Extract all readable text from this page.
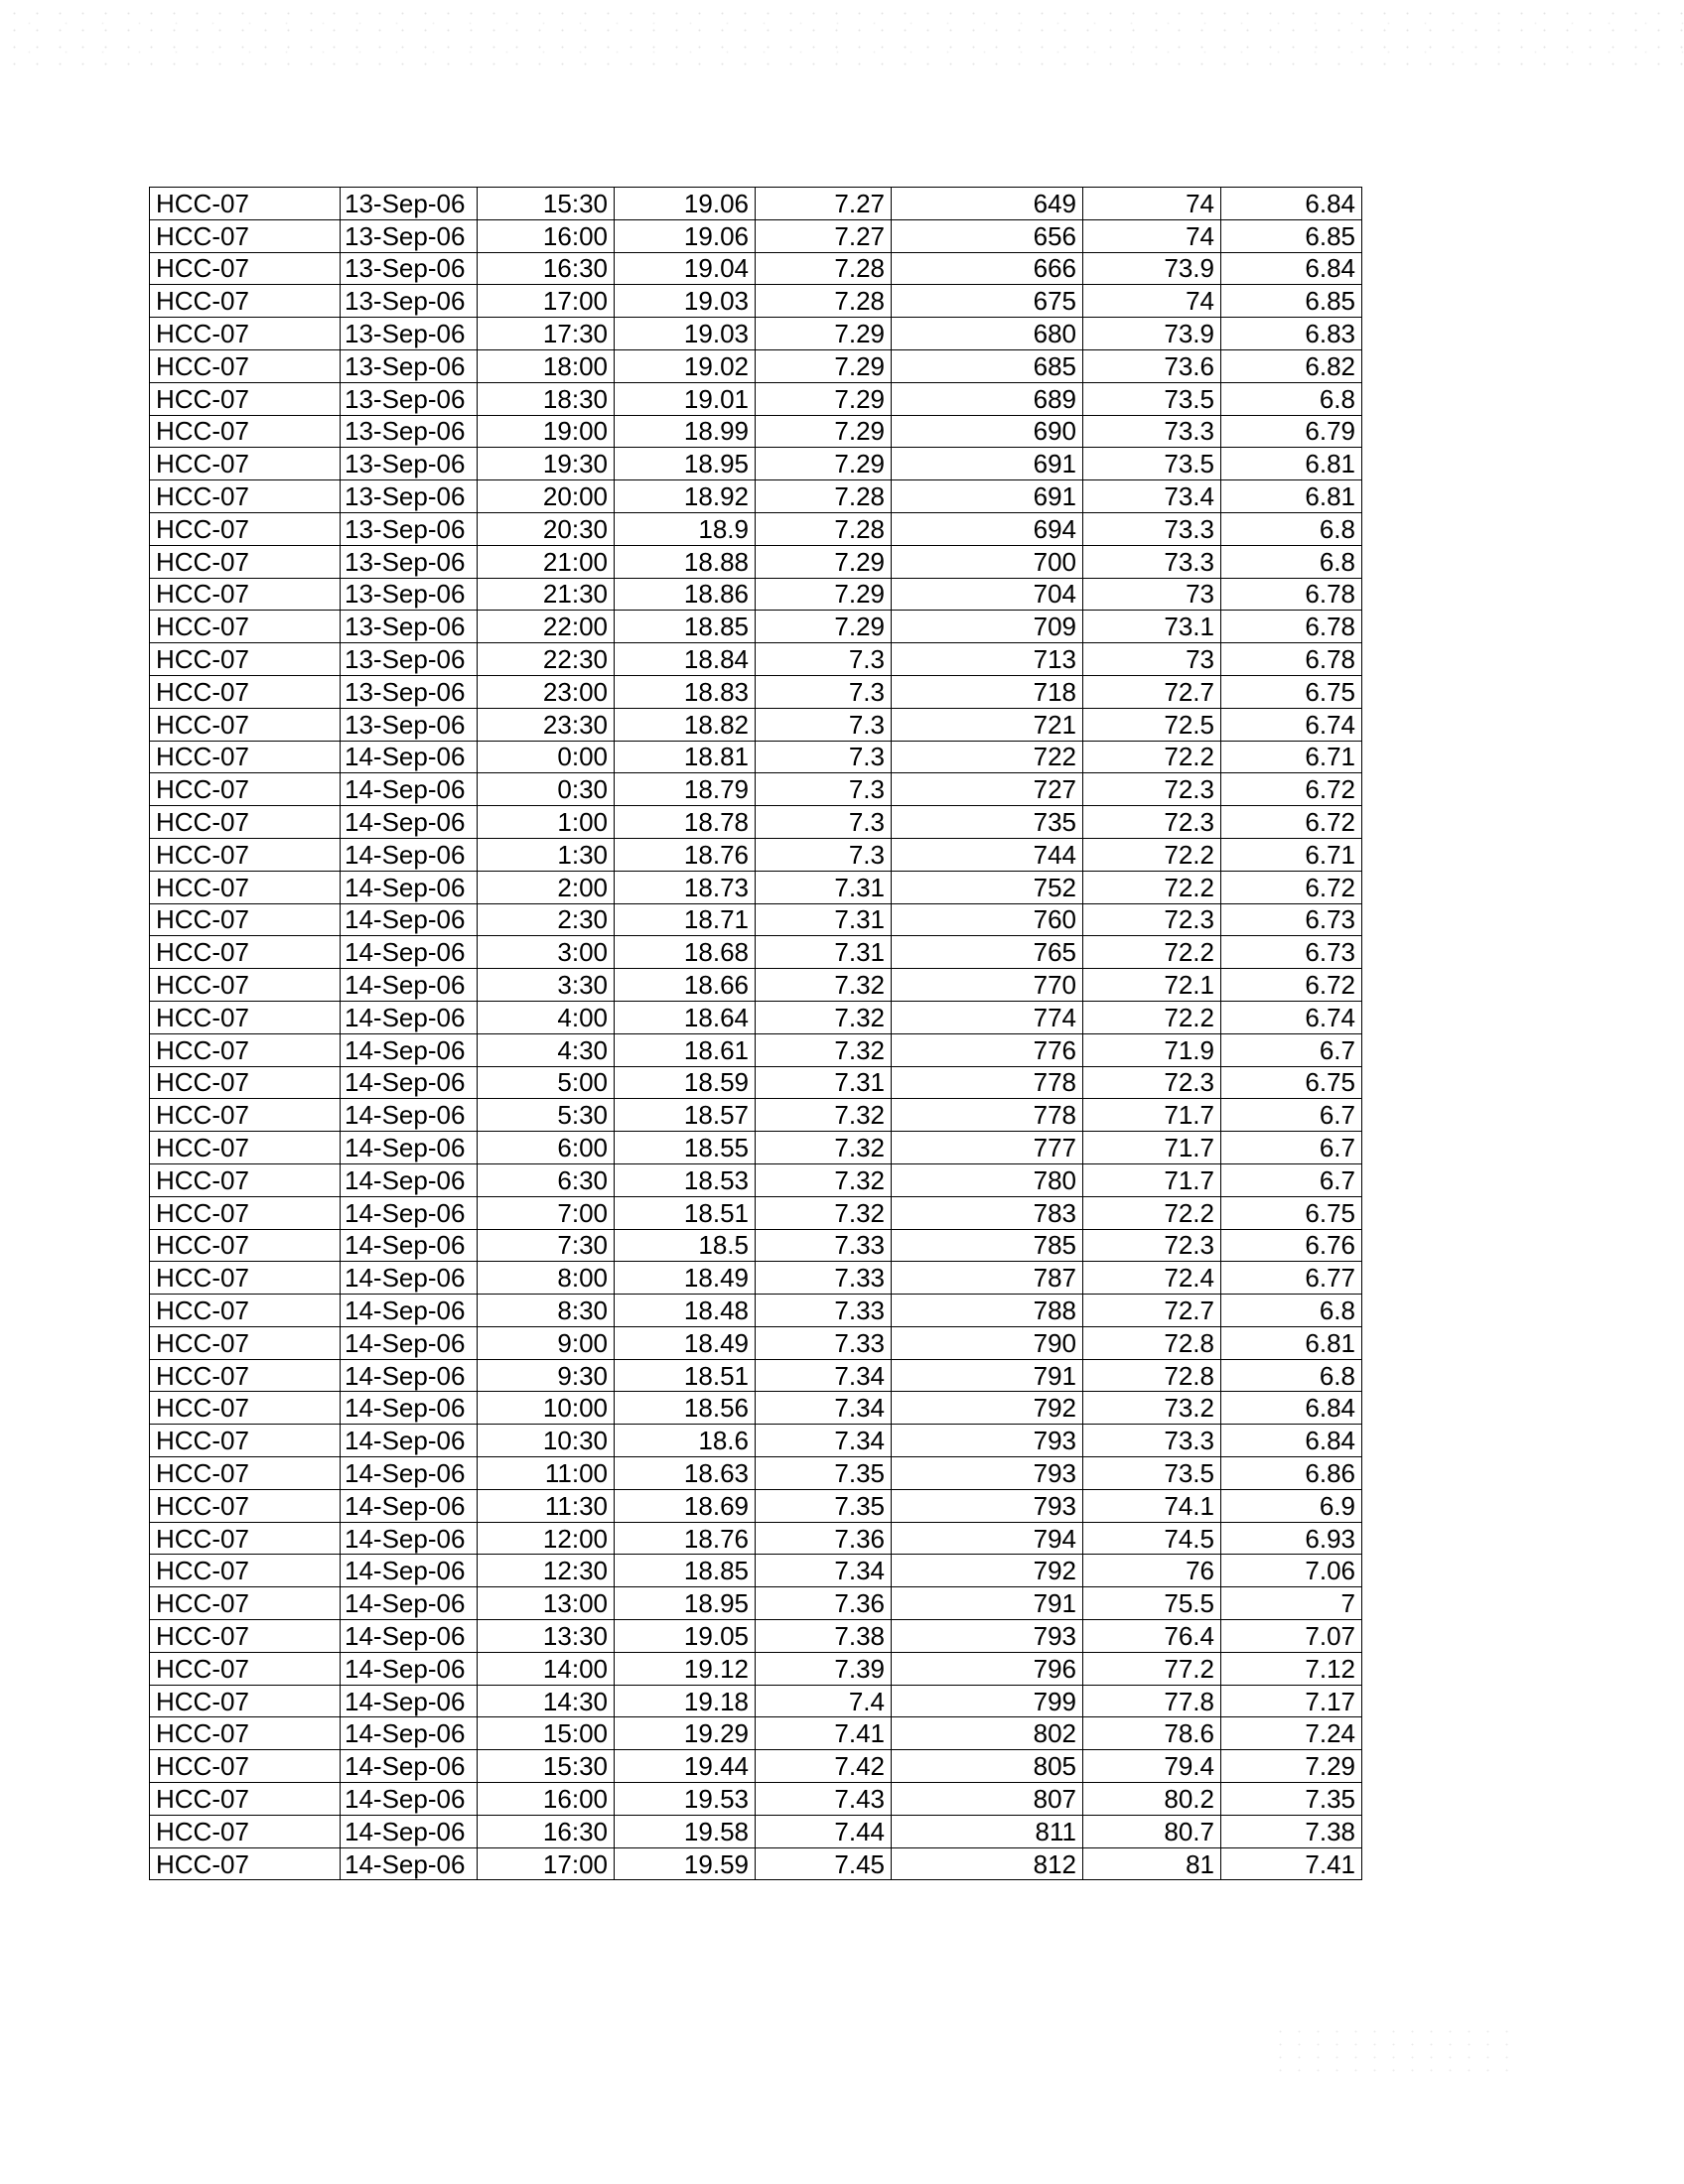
HCC-07	13-Sep-06	15:30	19.06	7.27	649	74	6.84
HCC-07	13-Sep-06	16:00	19.06	7.27	656	74	6.85
HCC-07	13-Sep-06	16:30	19.04	7.28	666	73.9	6.84
HCC-07	13-Sep-06	17:00	19.03	7.28	675	74	6.85
HCC-07	13-Sep-06	17:30	19.03	7.29	680	73.9	6.83
HCC-07	13-Sep-06	18:00	19.02	7.29	685	73.6	6.82
HCC-07	13-Sep-06	18:30	19.01	7.29	689	73.5	6.8
HCC-07	13-Sep-06	19:00	18.99	7.29	690	73.3	6.79
HCC-07	13-Sep-06	19:30	18.95	7.29	691	73.5	6.81
HCC-07	13-Sep-06	20:00	18.92	7.28	691	73.4	6.81
HCC-07	13-Sep-06	20:30	18.9	7.28	694	73.3	6.8
HCC-07	13-Sep-06	21:00	18.88	7.29	700	73.3	6.8
HCC-07	13-Sep-06	21:30	18.86	7.29	704	73	6.78
HCC-07	13-Sep-06	22:00	18.85	7.29	709	73.1	6.78
HCC-07	13-Sep-06	22:30	18.84	7.3	713	73	6.78
HCC-07	13-Sep-06	23:00	18.83	7.3	718	72.7	6.75
HCC-07	13-Sep-06	23:30	18.82	7.3	721	72.5	6.74
HCC-07	14-Sep-06	0:00	18.81	7.3	722	72.2	6.71
HCC-07	14-Sep-06	0:30	18.79	7.3	727	72.3	6.72
HCC-07	14-Sep-06	1:00	18.78	7.3	735	72.3	6.72
HCC-07	14-Sep-06	1:30	18.76	7.3	744	72.2	6.71
HCC-07	14-Sep-06	2:00	18.73	7.31	752	72.2	6.72
HCC-07	14-Sep-06	2:30	18.71	7.31	760	72.3	6.73
HCC-07	14-Sep-06	3:00	18.68	7.31	765	72.2	6.73
HCC-07	14-Sep-06	3:30	18.66	7.32	770	72.1	6.72
HCC-07	14-Sep-06	4:00	18.64	7.32	774	72.2	6.74
HCC-07	14-Sep-06	4:30	18.61	7.32	776	71.9	6.7
HCC-07	14-Sep-06	5:00	18.59	7.31	778	72.3	6.75
HCC-07	14-Sep-06	5:30	18.57	7.32	778	71.7	6.7
HCC-07	14-Sep-06	6:00	18.55	7.32	777	71.7	6.7
HCC-07	14-Sep-06	6:30	18.53	7.32	780	71.7	6.7
HCC-07	14-Sep-06	7:00	18.51	7.32	783	72.2	6.75
HCC-07	14-Sep-06	7:30	18.5	7.33	785	72.3	6.76
HCC-07	14-Sep-06	8:00	18.49	7.33	787	72.4	6.77
HCC-07	14-Sep-06	8:30	18.48	7.33	788	72.7	6.8
HCC-07	14-Sep-06	9:00	18.49	7.33	790	72.8	6.81
HCC-07	14-Sep-06	9:30	18.51	7.34	791	72.8	6.8
HCC-07	14-Sep-06	10:00	18.56	7.34	792	73.2	6.84
HCC-07	14-Sep-06	10:30	18.6	7.34	793	73.3	6.84
HCC-07	14-Sep-06	11:00	18.63	7.35	793	73.5	6.86
HCC-07	14-Sep-06	11:30	18.69	7.35	793	74.1	6.9
HCC-07	14-Sep-06	12:00	18.76	7.36	794	74.5	6.93
HCC-07	14-Sep-06	12:30	18.85	7.34	792	76	7.06
HCC-07	14-Sep-06	13:00	18.95	7.36	791	75.5	7
HCC-07	14-Sep-06	13:30	19.05	7.38	793	76.4	7.07
HCC-07	14-Sep-06	14:00	19.12	7.39	796	77.2	7.12
HCC-07	14-Sep-06	14:30	19.18	7.4	799	77.8	7.17
HCC-07	14-Sep-06	15:00	19.29	7.41	802	78.6	7.24
HCC-07	14-Sep-06	15:30	19.44	7.42	805	79.4	7.29
HCC-07	14-Sep-06	16:00	19.53	7.43	807	80.2	7.35
HCC-07	14-Sep-06	16:30	19.58	7.44	811	80.7	7.38
HCC-07	14-Sep-06	17:00	19.59	7.45	812	81	7.41
